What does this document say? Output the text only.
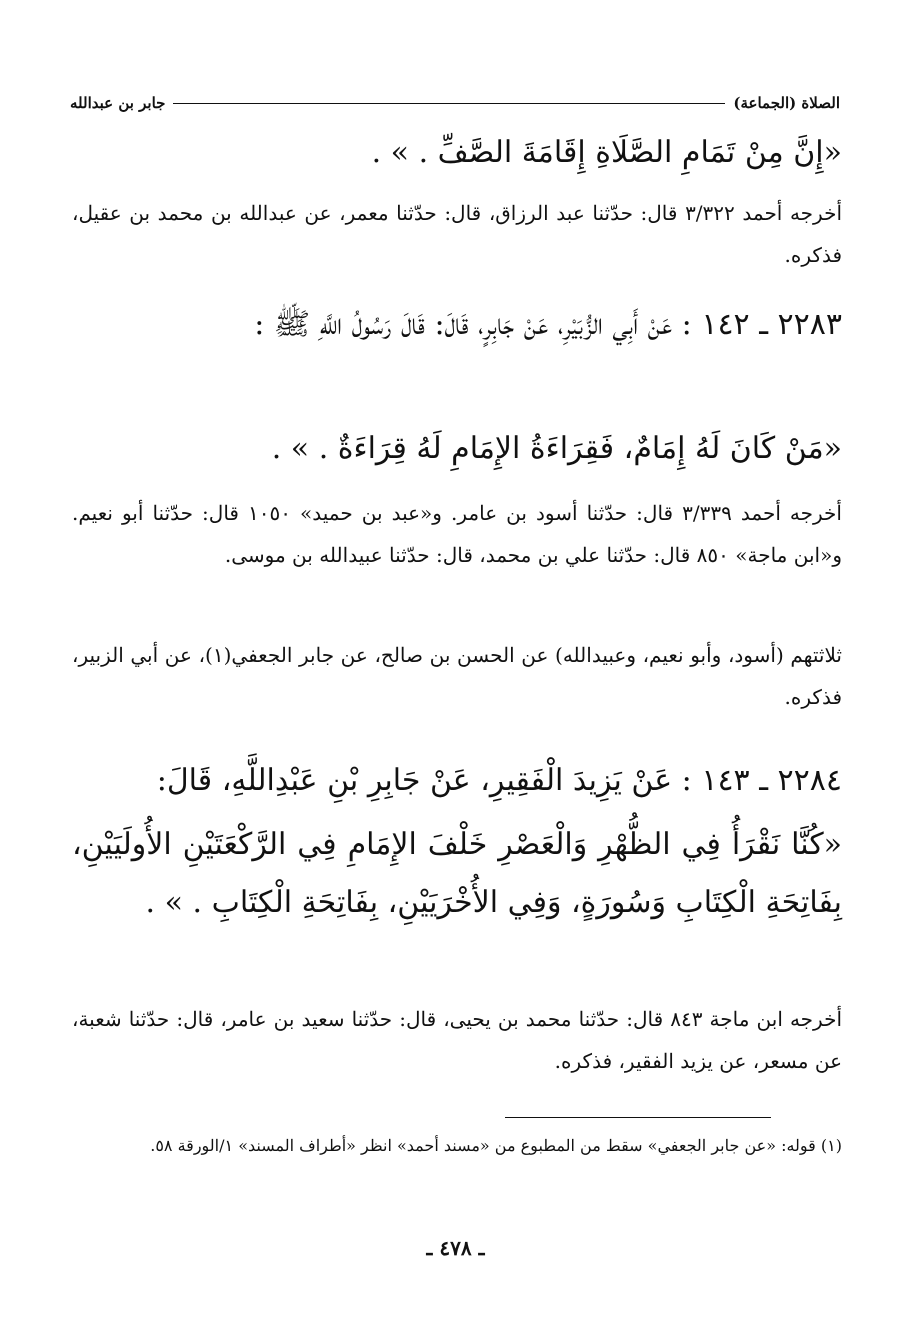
الصلاة (الجماعة)
جابر بن عبدالله
«إِنَّ مِنْ تَمَامِ الصَّلَاةِ إِقَامَةَ الصَّفِّ . » .
أخرجه أحمد ٣/٣٢٢ قال: حدّثنا عبد الرزاق، قال: حدّثنا معمر، عن عبدالله بن محمد بن عقيل، فذكره.
٢٢٨٣ ـ ١٤٢ : عَنْ أَبِي الزُّبَيْرِ، عَنْ جَابِرٍ، قَالَ: قَالَ رَسُولُ اللَّهِ ﷺ :
«مَنْ كَانَ لَهُ إِمَامٌ، فَقِرَاءَةُ الإِمَامِ لَهُ قِرَاءَةٌ . » .
أخرجه أحمد ٣/٣٣٩ قال: حدّثنا أسود بن عامر. و«عبد بن حميد» ١٠٥٠ قال: حدّثنا أبو نعيم. و«ابن ماجة» ٨٥٠ قال: حدّثنا علي بن محمد، قال: حدّثنا عبيدالله بن موسى.
ثلاثتهم (أسود، وأبو نعيم، وعبيدالله) عن الحسن بن صالح، عن جابر الجعفي(١)، عن أبي الزبير، فذكره.
٢٢٨٤ ـ ١٤٣ : عَنْ يَزِيدَ الْفَقِيرِ، عَنْ جَابِرِ بْنِ عَبْدِاللَّهِ، قَالَ:
«كُنَّا نَقْرَأُ فِي الظُّهْرِ وَالْعَصْرِ خَلْفَ الإِمَامِ فِي الرَّكْعَتَيْنِ الأُولَيَيْنِ، بِفَاتِحَةِ الْكِتَابِ وَسُورَةٍ، وَفِي الأُخْرَيَيْنِ، بِفَاتِحَةِ الْكِتَابِ . » .
أخرجه ابن ماجة ٨٤٣ قال: حدّثنا محمد بن يحيى، قال: حدّثنا سعيد بن عامر، قال: حدّثنا شعبة، عن مسعر، عن يزيد الفقير، فذكره.
(١) قوله: «عن جابر الجعفي» سقط من المطبوع من «مسند أحمد» انظر «أطراف المسند» ١/الورقة ٥٨.
ـ ٤٧٨ ـ
